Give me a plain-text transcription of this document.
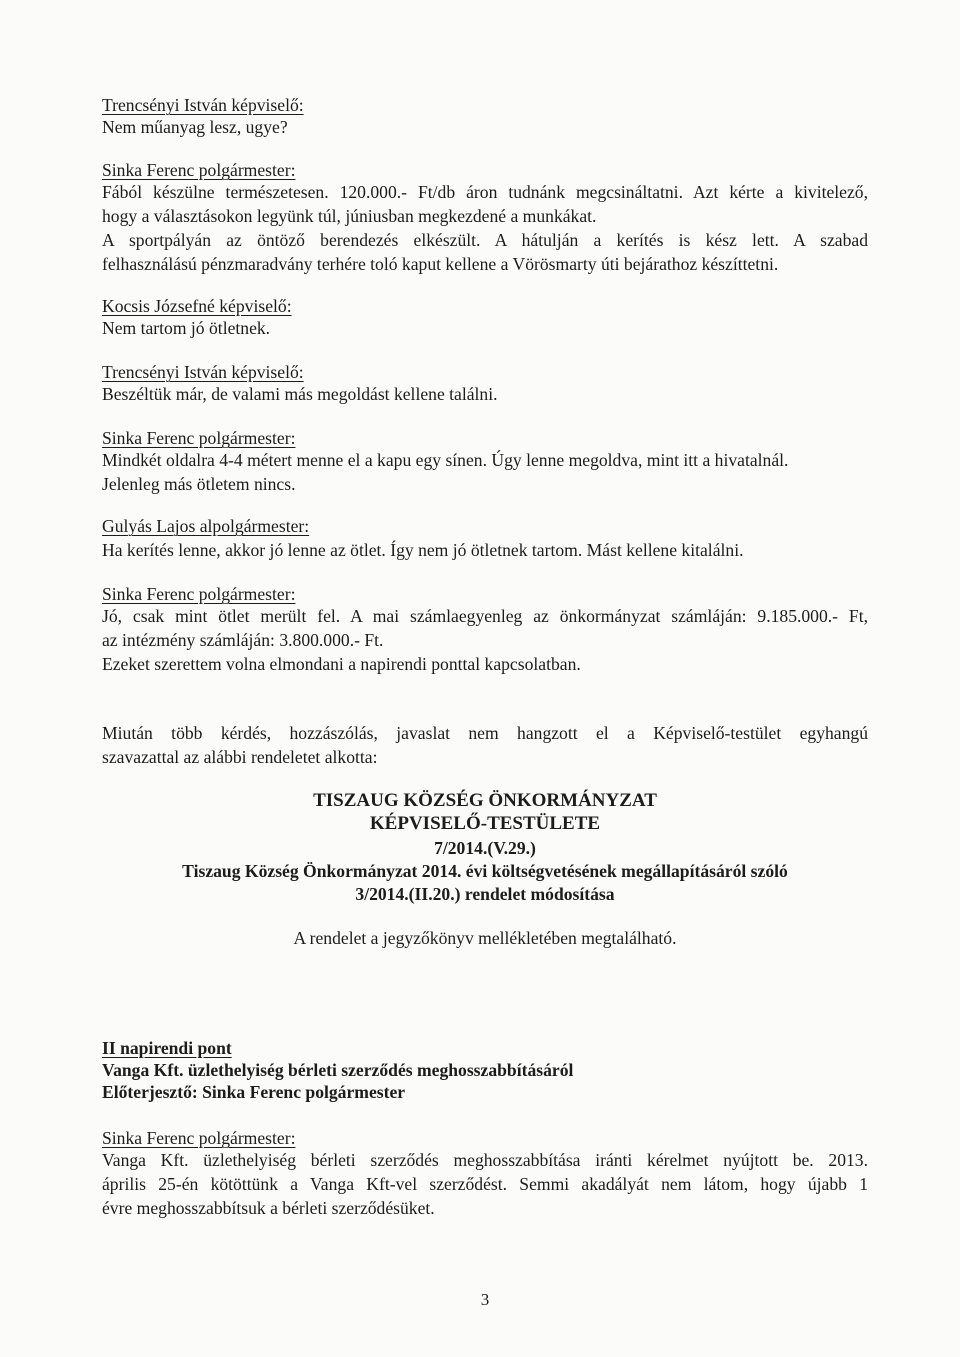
Trencsényi István képviselő:
Nem műanyag lesz, ugye?
Sinka Ferenc polgármester:
Fából készülne természetesen. 120.000.- Ft/db áron tudnánk megcsináltatni. Azt kérte a kivitelező,
hogy a választásokon legyünk túl, júniusban megkezdené a munkákat.
A sportpályán az öntöző berendezés elkészült. A hátulján a kerítés is kész lett. A szabad
felhasználású pénzmaradvány terhére toló kaput kellene a Vörösmarty úti bejárathoz készíttetni.
Kocsis Józsefné képviselő:
Nem tartom jó ötletnek.
Trencsényi István képviselő:
Beszéltük már, de valami más megoldást kellene találni.
Sinka Ferenc polgármester:
Mindkét oldalra 4-4 métert menne el a kapu egy sínen. Úgy lenne megoldva, mint itt a hivatalnál.
Jelenleg más ötletem nincs.
Gulyás Lajos alpolgármester:
Ha kerítés lenne, akkor jó lenne az ötlet. Így nem jó ötletnek tartom. Mást kellene kitalálni.
Sinka Ferenc polgármester:
Jó, csak mint ötlet merült fel. A mai számlaegyenleg az önkormányzat számláján: 9.185.000.- Ft,
az intézmény számláján: 3.800.000.- Ft.
Ezeket szerettem volna elmondani a napirendi ponttal kapcsolatban.
Miután több kérdés, hozzászólás, javaslat nem hangzott el a Képviselő-testület egyhangú
szavazattal az alábbi rendeletet alkotta:
TISZAUG KÖZSÉG ÖNKORMÁNYZAT
KÉPVISELŐ-TESTÜLETE
7/2014.(V.29.)
Tiszaug Község Önkormányzat 2014. évi költségvetésének megállapításáról szóló
3/2014.(II.20.) rendelet módosítása
A rendelet a jegyzőkönyv mellékletében megtalálható.
II napirendi pont
Vanga Kft. üzlethelyiség bérleti szerződés meghosszabbításáról
Előterjesztő: Sinka Ferenc polgármester
Sinka Ferenc polgármester:
Vanga Kft. üzlethelyiség bérleti szerződés meghosszabbítása iránti kérelmet nyújtott be. 2013.
április 25-én kötöttünk a Vanga Kft-vel szerződést. Semmi akadályát nem látom, hogy újabb 1
évre meghosszabbítsuk a bérleti szerződésüket.
3
